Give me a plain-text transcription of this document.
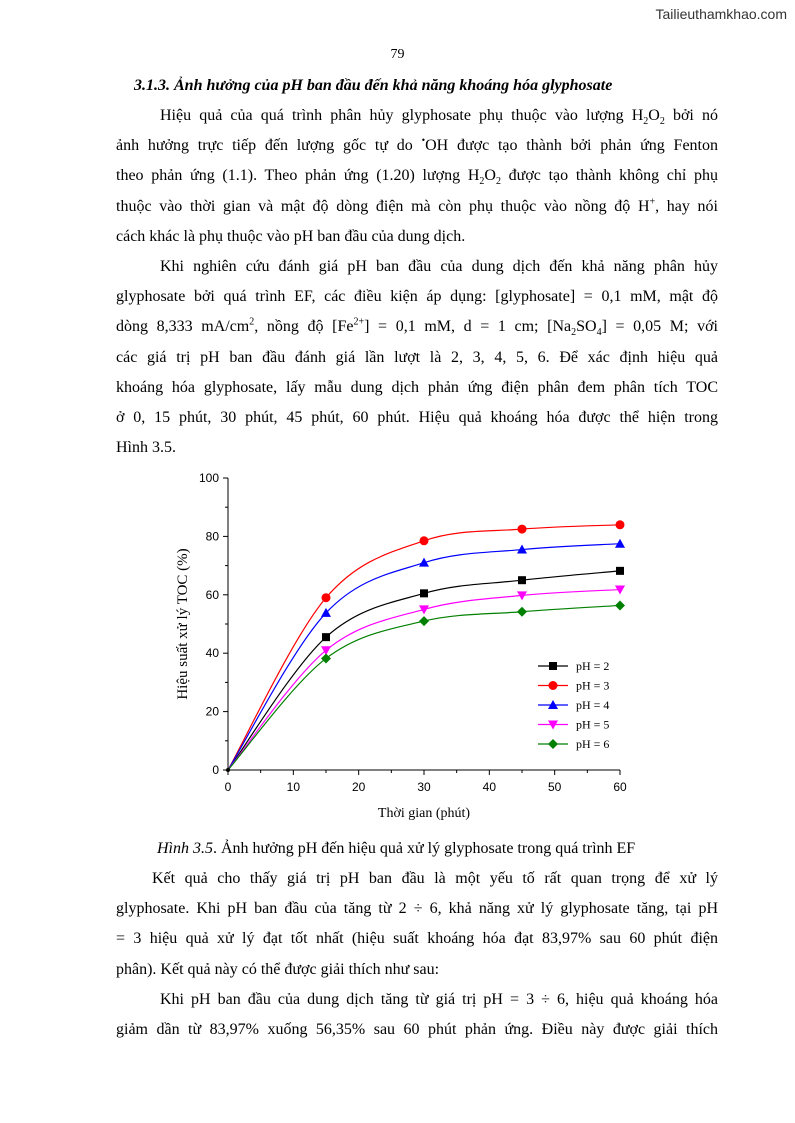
Tailieuthamkhao.com
79
3.1.3. Ảnh hưởng của pH ban đầu đến khả năng khoáng hóa glyphosate
Hiệu quả của quá trình phân hủy glyphosate phụ thuộc vào lượng $H_2O_2$ bởi nó
ảnh hưởng trực tiếp đến lượng gốc tự do •OH được tạo thành bởi phản ứng Fenton
theo phản ứng (1.1). Theo phản ứng (1.20) lượng $H_2O_2$ được tạo thành không chỉ phụ
thuộc vào thời gian và mật độ dòng điện mà còn phụ thuộc vào nồng độ H+, hay nói
cách khác là phụ thuộc vào pH ban đầu của dung dịch.
Khi nghiên cứu đánh giá pH ban đầu của dung dịch đến khả năng phân hủy
glyphosate bởi quá trình EF, các điều kiện áp dụng: [glyphosate] = 0,1 mM, mật độ
dòng 8,333 $mA/cm^2$, nồng độ $[Fe^{2+}] = 0,1$ mM, d = 1 cm; $[Na_2SO_4] = 0,05$ M; với
các giá trị pH ban đầu đánh giá lần lượt là 2, 3, 4, 5, 6. Để xác định hiệu quả
khoáng hóa glyphosate, lấy mẫu dung dịch phản ứng điện phân đem phân tích TOC
ở 0, 15 phút, 30 phút, 45 phút, 60 phút. Hiệu quả khoáng hóa được thể hiện trong
Hình 3.5.
0	10	20	30	40	50	60
0
20
40
60
80
100
Thời gian (phút)
Hiệu suất xử lý TOC (%)	pH = 2
pH = 3
pH = 4
pH = 5
pH = 6
Hình 3.5. Ảnh hưởng pH đến hiệu quả xử lý glyphosate trong quá trình EF
Kết quả cho thấy giá trị pH ban đầu là một yếu tố rất quan trọng để xử lý
glyphosate. Khi pH ban đầu của tăng từ 2 ÷ 6, khả năng xử lý glyphosate tăng, tại pH
= 3 hiệu quả xử lý đạt tốt nhất (hiệu suất khoáng hóa đạt 83,97% sau 60 phút điện
phân). Kết quả này có thể được giải thích như sau:
Khi pH ban đầu của dung dịch tăng từ giá trị pH = 3 ÷ 6, hiệu quả khoáng hóa
giảm dần từ 83,97% xuống 56,35% sau 60 phút phản ứng. Điều này được giải thích
